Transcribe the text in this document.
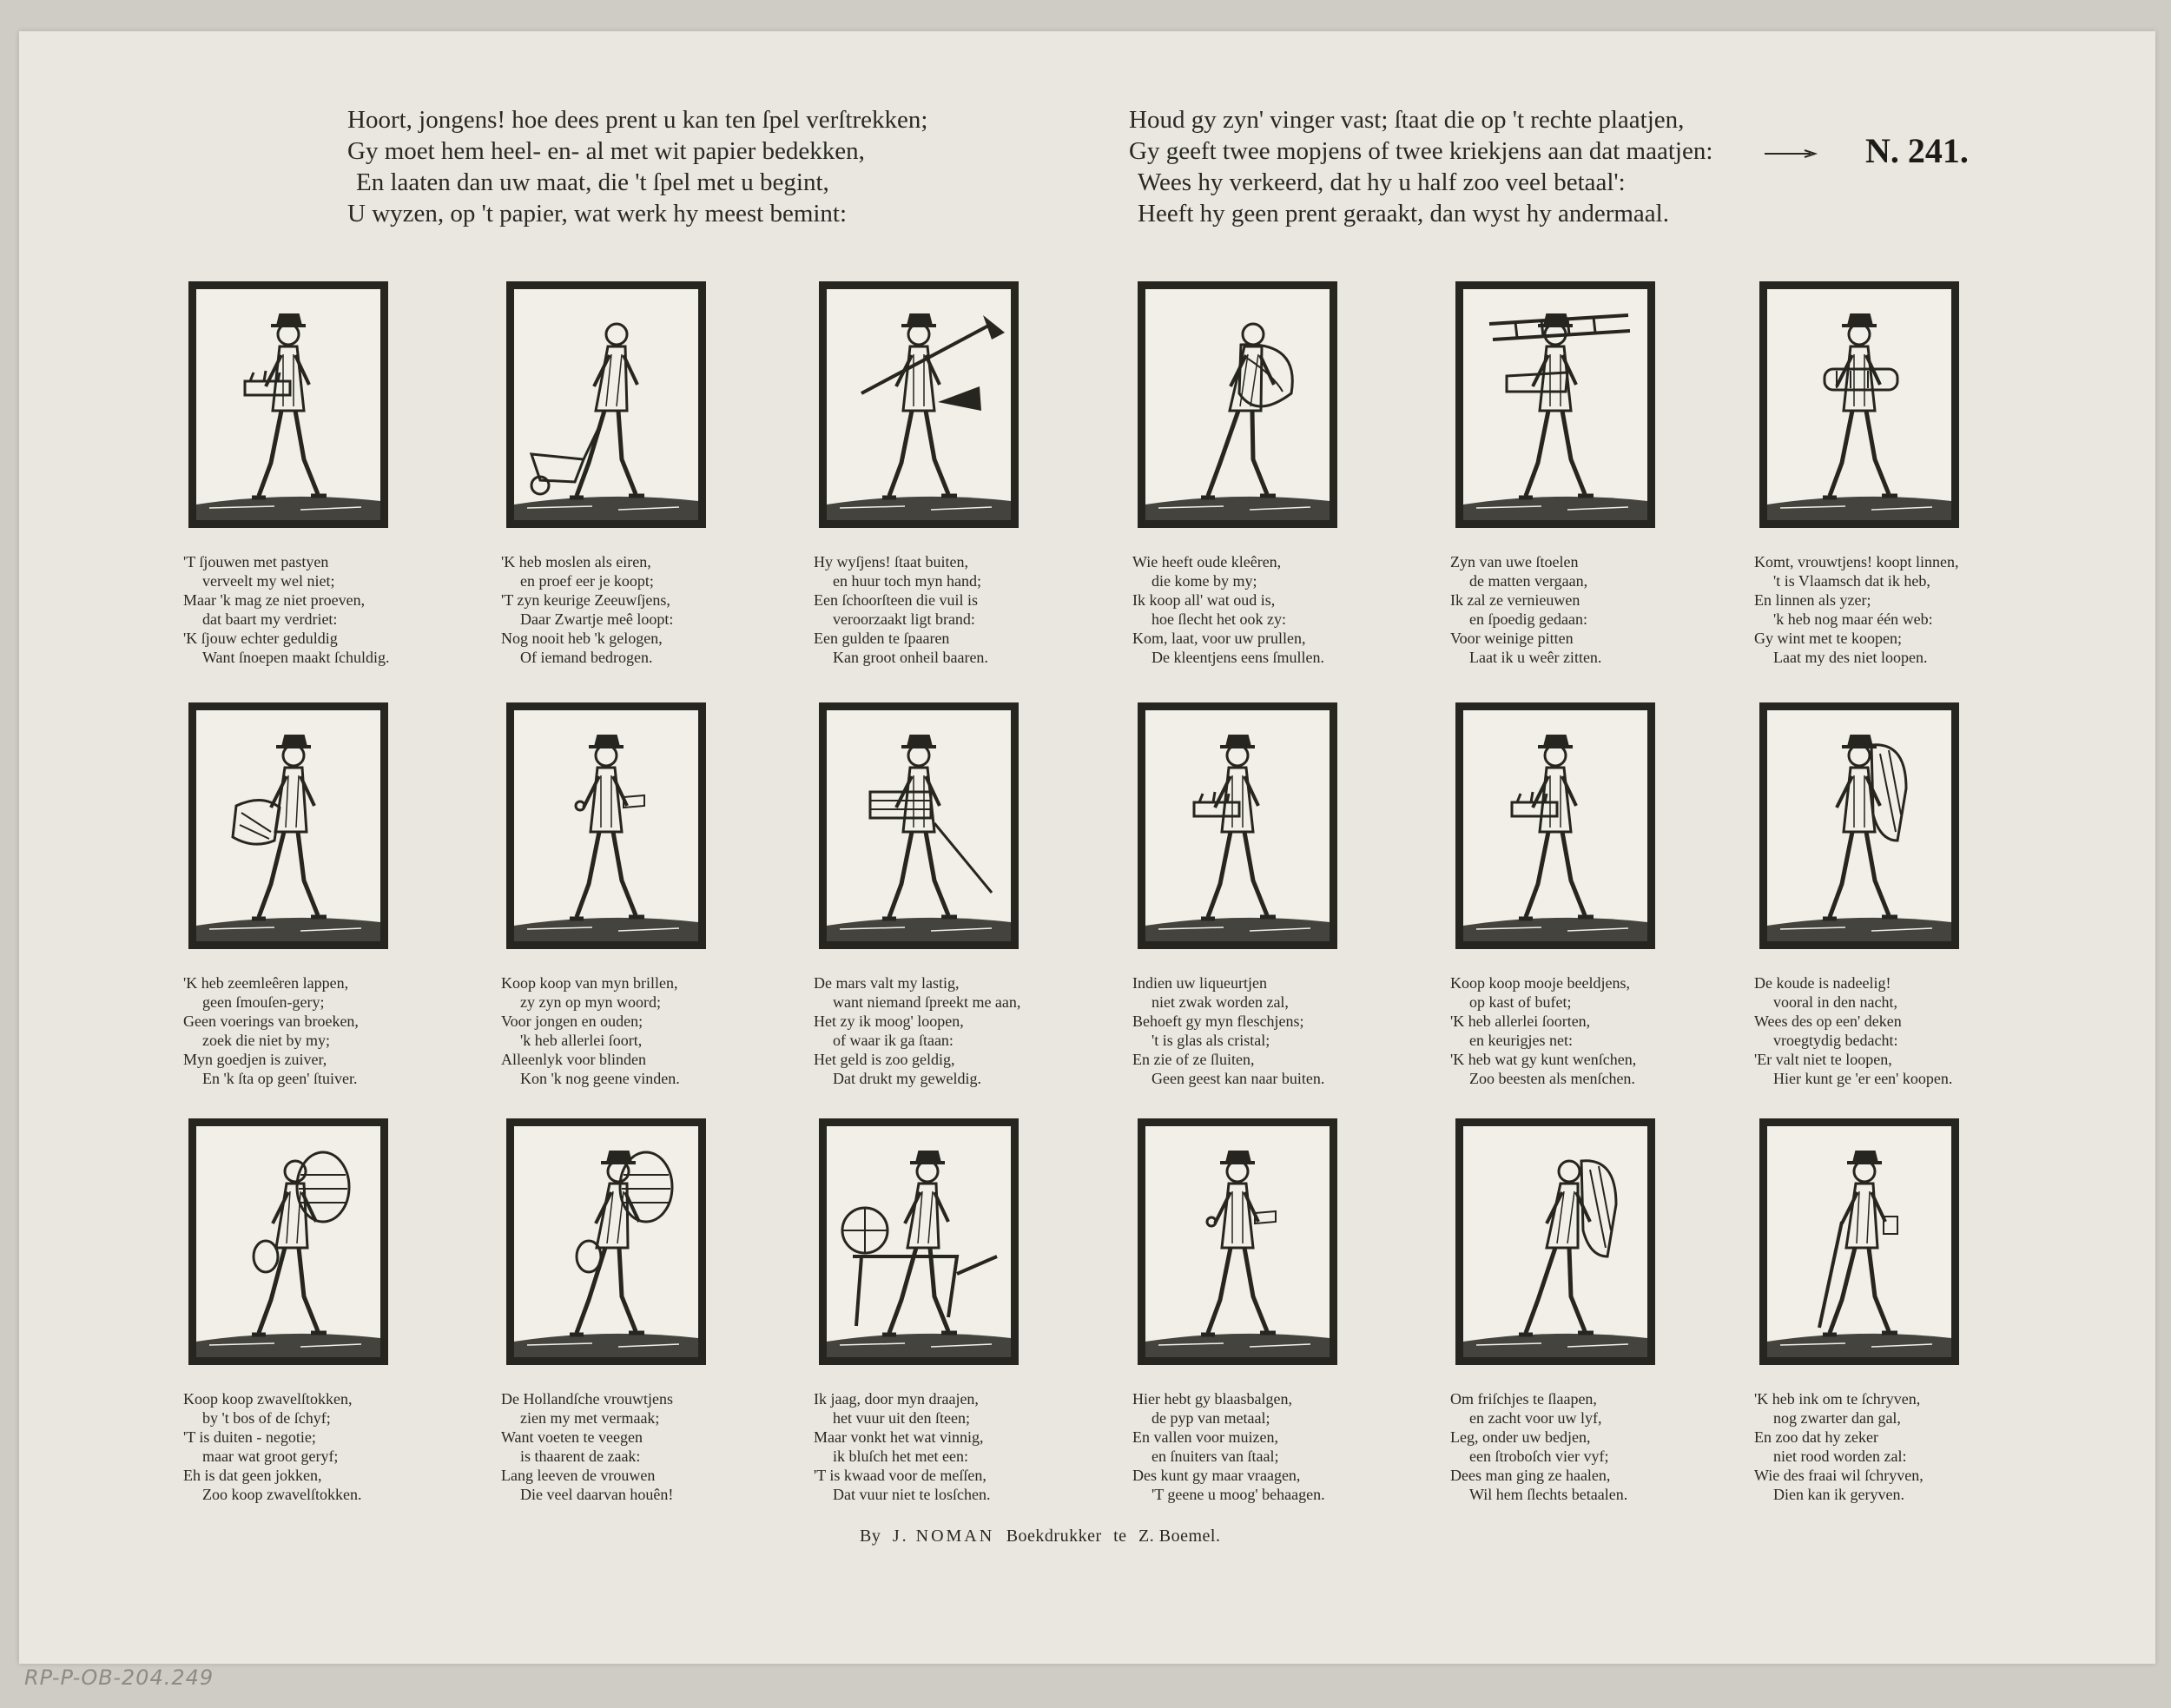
Hoort, jongens! hoe dees prent u kan ten ſpel verſtrekken;
Gy moet hem heel- en- al met wit papier bedekken,
En laaten dan uw maat, die 't ſpel met u begint,
U wyzen, op 't papier, wat werk hy meest bemint:
Houd gy zyn' vinger vast; ſtaat die op 't rechte plaatjen,
Gy geeft twee mopjens of twee kriekjens aan dat maatjen:
Wees hy verkeerd, dat hy u half zoo veel betaal':
Heeft hy geen prent geraakt, dan wyst hy andermaal.
N. 241.
By J. NOMAN Boekdrukker te Z. Boemel.
RP-P-OB-204.249
'T ſjouwen met pastyen
verveelt my wel niet;
Maar 'k mag ze niet proeven,
dat baart my verdriet:
'K ſjouw echter geduldig
Want ſnoepen maakt ſchuldig.
'K heb moslen als eiren,
en proef eer je koopt;
'T zyn keurige Zeeuwſjens,
Daar Zwartje meê loopt:
Nog nooit heb 'k gelogen,
Of iemand bedrogen.
Hy wyſjens! ſtaat buiten,
en huur toch myn hand;
Een ſchoorſteen die vuil is
veroorzaakt ligt brand:
Een gulden te ſpaaren
Kan groot onheil baaren.
Wie heeft oude kleêren,
die kome by my;
Ik koop all' wat oud is,
hoe ſlecht het ook zy:
Kom, laat, voor uw prullen,
De kleentjens eens ſmullen.
Zyn van uwe ſtoelen
de matten vergaan,
Ik zal ze vernieuwen
en ſpoedig gedaan:
Voor weinige pitten
Laat ik u weêr zitten.
Komt, vrouwtjens! koopt linnen,
't is Vlaamsch dat ik heb,
En linnen als yzer;
'k heb nog maar één web:
Gy wint met te koopen;
Laat my des niet loopen.
'K heb zeemleêren lappen,
geen ſmouſen-gery;
Geen voerings van broeken,
zoek die niet by my;
Myn goedjen is zuiver,
En 'k ſta op geen' ſtuiver.
Koop koop van myn brillen,
zy zyn op myn woord;
Voor jongen en ouden;
'k heb allerlei ſoort,
Alleenlyk voor blinden
Kon 'k nog geene vinden.
De mars valt my lastig,
want niemand ſpreekt me aan,
Het zy ik moog' loopen,
of waar ik ga ſtaan:
Het geld is zoo geldig,
Dat drukt my geweldig.
Indien uw liqueurtjen
niet zwak worden zal,
Behoeft gy myn fleschjens;
't is glas als cristal;
En zie of ze ſluiten,
Geen geest kan naar buiten.
Koop koop mooje beeldjens,
op kast of bufet;
'K heb allerlei ſoorten,
en keurigjes net:
'K heb wat gy kunt wenſchen,
Zoo beesten als menſchen.
De koude is nadeelig!
vooral in den nacht,
Wees des op een' deken
vroegtydig bedacht:
'Er valt niet te loopen,
Hier kunt ge 'er een' koopen.
Koop koop zwavelſtokken,
by 't bos of de ſchyf;
'T is duiten - negotie;
maar wat groot geryf;
Eh is dat geen jokken,
Zoo koop zwavelſtokken.
De Hollandſche vrouwtjens
zien my met vermaak;
Want voeten te veegen
is thaarent de zaak:
Lang leeven de vrouwen
Die veel daarvan houên!
Ik jaag, door myn draajen,
het vuur uit den ſteen;
Maar vonkt het wat vinnig,
ik bluſch het met een:
'T is kwaad voor de meſſen,
Dat vuur niet te losſchen.
Hier hebt gy blaasbalgen,
de pyp van metaal;
En vallen voor muizen,
en ſnuiters van ſtaal;
Des kunt gy maar vraagen,
'T geene u moog' behaagen.
Om friſchjes te ſlaapen,
en zacht voor uw lyf,
Leg, onder uw bedjen,
een ſtroboſch vier vyf;
Dees man ging ze haalen,
Wil hem ſlechts betaalen.
'K heb ink om te ſchryven,
nog zwarter dan gal,
En zoo dat hy zeker
niet rood worden zal:
Wie des fraai wil ſchryven,
Dien kan ik geryven.
